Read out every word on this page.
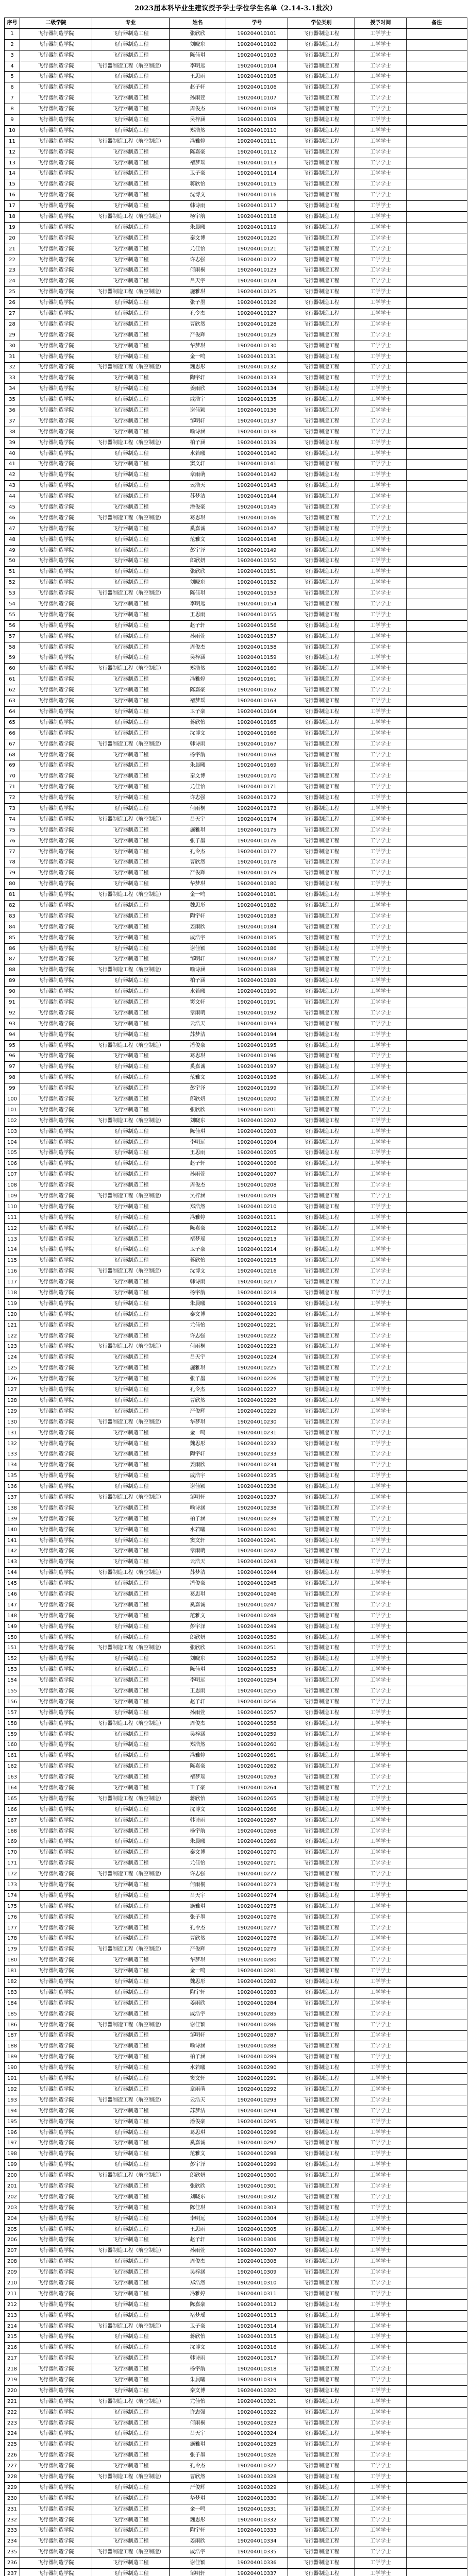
2023届本科毕业生建议授予学士学位学生名单（2.14-3.1批次）
序号	二级学院	专业	姓名	学号	学位类别	授予时间	备注
1	飞行器制造学院	飞行器制造工程	张欣欣	190204010101	飞行器制造工程	工学学士	
2	飞行器制造学院	飞行器制造工程	刘晓东	190204010102	飞行器制造工程	工学学士	
3	飞行器制造学院	飞行器制造工程	陈佳琪	190204010103	飞行器制造工程	工学学士	
4	飞行器制造学院	飞行器制造工程（航空制造）	李明远	190204010104	飞行器制造工程	工学学士	
5	飞行器制造学院	飞行器制造工程	王思雨	190204010105	飞行器制造工程	工学学士	
6	飞行器制造学院	飞行器制造工程	赵子轩	190204010106	飞行器制造工程	工学学士	
7	飞行器制造学院	飞行器制造工程	孙雨萱	190204010107	飞行器制造工程	工学学士	
8	飞行器制造学院	飞行器制造工程	周俊杰	190204010108	飞行器制造工程	工学学士	
9	飞行器制造学院	飞行器制造工程	吴梓涵	190204010109	飞行器制造工程	工学学士	
10	飞行器制造学院	飞行器制造工程	郑浩然	190204010110	飞行器制造工程	工学学士	
11	飞行器制造学院	飞行器制造工程（航空制造）	冯雅婷	190204010111	飞行器制造工程	工学学士	
12	飞行器制造学院	飞行器制造工程	陈嘉豪	190204010112	飞行器制造工程	工学学士	
13	飞行器制造学院	飞行器制造工程	褚梦瑶	190204010113	飞行器制造工程	工学学士	
14	飞行器制造学院	飞行器制造工程	卫子豪	190204010114	飞行器制造工程	工学学士	
15	飞行器制造学院	飞行器制造工程	蒋欣怡	190204010115	飞行器制造工程	工学学士	
16	飞行器制造学院	飞行器制造工程	沈博文	190204010116	飞行器制造工程	工学学士	
17	飞行器制造学院	飞行器制造工程	韩诗雨	190204010117	飞行器制造工程	工学学士	
18	飞行器制造学院	飞行器制造工程（航空制造）	杨宇航	190204010118	飞行器制造工程	工学学士	
19	飞行器制造学院	飞行器制造工程	朱晨曦	190204010119	飞行器制造工程	工学学士	
20	飞行器制造学院	飞行器制造工程	秦文博	190204010120	飞行器制造工程	工学学士	
21	飞行器制造学院	飞行器制造工程	尤佳怡	190204010121	飞行器制造工程	工学学士	
22	飞行器制造学院	飞行器制造工程	许志强	190204010122	飞行器制造工程	工学学士	
23	飞行器制造学院	飞行器制造工程	何雨桐	190204010123	飞行器制造工程	工学学士	
24	飞行器制造学院	飞行器制造工程	吕天宇	190204010124	飞行器制造工程	工学学士	
25	飞行器制造学院	飞行器制造工程（航空制造）	施雅琪	190204010125	飞行器制造工程	工学学士	
26	飞行器制造学院	飞行器制造工程	张子墨	190204010126	飞行器制造工程	工学学士	
27	飞行器制造学院	飞行器制造工程	孔令杰	190204010127	飞行器制造工程	工学学士	
28	飞行器制造学院	飞行器制造工程	曹欣然	190204010128	飞行器制造工程	工学学士	
29	飞行器制造学院	飞行器制造工程	严俊辉	190204010129	飞行器制造工程	工学学士	
30	飞行器制造学院	飞行器制造工程	华梦琪	190204010130	飞行器制造工程	工学学士	
31	飞行器制造学院	飞行器制造工程	金一鸣	190204010131	飞行器制造工程	工学学士	
32	飞行器制造学院	飞行器制造工程（航空制造）	魏思彤	190204010132	飞行器制造工程	工学学士	
33	飞行器制造学院	飞行器制造工程	陶宇轩	190204010133	飞行器制造工程	工学学士	
34	飞行器制造学院	飞行器制造工程	姜雨欣	190204010134	飞行器制造工程	工学学士	
35	飞行器制造学院	飞行器制造工程	戚浩宇	190204010135	飞行器制造工程	工学学士	
36	飞行器制造学院	飞行器制造工程	谢佳颖	190204010136	飞行器制造工程	工学学士	
37	飞行器制造学院	飞行器制造工程	邹明轩	190204010137	飞行器制造工程	工学学士	
38	飞行器制造学院	飞行器制造工程	喻诗涵	190204010138	飞行器制造工程	工学学士	
39	飞行器制造学院	飞行器制造工程（航空制造）	柏子涵	190204010139	飞行器制造工程	工学学士	
40	飞行器制造学院	飞行器制造工程	水若曦	190204010140	飞行器制造工程	工学学士	
41	飞行器制造学院	飞行器制造工程	窦文轩	190204010141	飞行器制造工程	工学学士	
42	飞行器制造学院	飞行器制造工程	章雨萌	190204010142	飞行器制造工程	工学学士	
43	飞行器制造学院	飞行器制造工程	云浩天	190204010143	飞行器制造工程	工学学士	
44	飞行器制造学院	飞行器制造工程	苏梦洁	190204010144	飞行器制造工程	工学学士	
45	飞行器制造学院	飞行器制造工程	潘俊豪	190204010145	飞行器制造工程	工学学士	
46	飞行器制造学院	飞行器制造工程（航空制造）	葛思琪	190204010146	飞行器制造工程	工学学士	
47	飞行器制造学院	飞行器制造工程	奚嘉诚	190204010147	飞行器制造工程	工学学士	
48	飞行器制造学院	飞行器制造工程	范雅文	190204010148	飞行器制造工程	工学学士	
49	飞行器制造学院	飞行器制造工程	彭宇泽	190204010149	飞行器制造工程	工学学士	
50	飞行器制造学院	飞行器制造工程	郎欣妍	190204010150	飞行器制造工程	工学学士	
51	飞行器制造学院	飞行器制造工程	张欣欣	190204010151	飞行器制造工程	工学学士	
52	飞行器制造学院	飞行器制造工程	刘晓东	190204010152	飞行器制造工程	工学学士	
53	飞行器制造学院	飞行器制造工程（航空制造）	陈佳琪	190204010153	飞行器制造工程	工学学士	
54	飞行器制造学院	飞行器制造工程	李明远	190204010154	飞行器制造工程	工学学士	
55	飞行器制造学院	飞行器制造工程	王思雨	190204010155	飞行器制造工程	工学学士	
56	飞行器制造学院	飞行器制造工程	赵子轩	190204010156	飞行器制造工程	工学学士	
57	飞行器制造学院	飞行器制造工程	孙雨萱	190204010157	飞行器制造工程	工学学士	
58	飞行器制造学院	飞行器制造工程	周俊杰	190204010158	飞行器制造工程	工学学士	
59	飞行器制造学院	飞行器制造工程	吴梓涵	190204010159	飞行器制造工程	工学学士	
60	飞行器制造学院	飞行器制造工程（航空制造）	郑浩然	190204010160	飞行器制造工程	工学学士	
61	飞行器制造学院	飞行器制造工程	冯雅婷	190204010161	飞行器制造工程	工学学士	
62	飞行器制造学院	飞行器制造工程	陈嘉豪	190204010162	飞行器制造工程	工学学士	
63	飞行器制造学院	飞行器制造工程	褚梦瑶	190204010163	飞行器制造工程	工学学士	
64	飞行器制造学院	飞行器制造工程	卫子豪	190204010164	飞行器制造工程	工学学士	
65	飞行器制造学院	飞行器制造工程	蒋欣怡	190204010165	飞行器制造工程	工学学士	
66	飞行器制造学院	飞行器制造工程	沈博文	190204010166	飞行器制造工程	工学学士	
67	飞行器制造学院	飞行器制造工程（航空制造）	韩诗雨	190204010167	飞行器制造工程	工学学士	
68	飞行器制造学院	飞行器制造工程	杨宇航	190204010168	飞行器制造工程	工学学士	
69	飞行器制造学院	飞行器制造工程	朱晨曦	190204010169	飞行器制造工程	工学学士	
70	飞行器制造学院	飞行器制造工程	秦文博	190204010170	飞行器制造工程	工学学士	
71	飞行器制造学院	飞行器制造工程	尤佳怡	190204010171	飞行器制造工程	工学学士	
72	飞行器制造学院	飞行器制造工程	许志强	190204010172	飞行器制造工程	工学学士	
73	飞行器制造学院	飞行器制造工程	何雨桐	190204010173	飞行器制造工程	工学学士	
74	飞行器制造学院	飞行器制造工程（航空制造）	吕天宇	190204010174	飞行器制造工程	工学学士	
75	飞行器制造学院	飞行器制造工程	施雅琪	190204010175	飞行器制造工程	工学学士	
76	飞行器制造学院	飞行器制造工程	张子墨	190204010176	飞行器制造工程	工学学士	
77	飞行器制造学院	飞行器制造工程	孔令杰	190204010177	飞行器制造工程	工学学士	
78	飞行器制造学院	飞行器制造工程	曹欣然	190204010178	飞行器制造工程	工学学士	
79	飞行器制造学院	飞行器制造工程	严俊辉	190204010179	飞行器制造工程	工学学士	
80	飞行器制造学院	飞行器制造工程	华梦琪	190204010180	飞行器制造工程	工学学士	
81	飞行器制造学院	飞行器制造工程（航空制造）	金一鸣	190204010181	飞行器制造工程	工学学士	
82	飞行器制造学院	飞行器制造工程	魏思彤	190204010182	飞行器制造工程	工学学士	
83	飞行器制造学院	飞行器制造工程	陶宇轩	190204010183	飞行器制造工程	工学学士	
84	飞行器制造学院	飞行器制造工程	姜雨欣	190204010184	飞行器制造工程	工学学士	
85	飞行器制造学院	飞行器制造工程	戚浩宇	190204010185	飞行器制造工程	工学学士	
86	飞行器制造学院	飞行器制造工程	谢佳颖	190204010186	飞行器制造工程	工学学士	
87	飞行器制造学院	飞行器制造工程	邹明轩	190204010187	飞行器制造工程	工学学士	
88	飞行器制造学院	飞行器制造工程（航空制造）	喻诗涵	190204010188	飞行器制造工程	工学学士	
89	飞行器制造学院	飞行器制造工程	柏子涵	190204010189	飞行器制造工程	工学学士	
90	飞行器制造学院	飞行器制造工程	水若曦	190204010190	飞行器制造工程	工学学士	
91	飞行器制造学院	飞行器制造工程	窦文轩	190204010191	飞行器制造工程	工学学士	
92	飞行器制造学院	飞行器制造工程	章雨萌	190204010192	飞行器制造工程	工学学士	
93	飞行器制造学院	飞行器制造工程	云浩天	190204010193	飞行器制造工程	工学学士	
94	飞行器制造学院	飞行器制造工程	苏梦洁	190204010194	飞行器制造工程	工学学士	
95	飞行器制造学院	飞行器制造工程（航空制造）	潘俊豪	190204010195	飞行器制造工程	工学学士	
96	飞行器制造学院	飞行器制造工程	葛思琪	190204010196	飞行器制造工程	工学学士	
97	飞行器制造学院	飞行器制造工程	奚嘉诚	190204010197	飞行器制造工程	工学学士	
98	飞行器制造学院	飞行器制造工程	范雅文	190204010198	飞行器制造工程	工学学士	
99	飞行器制造学院	飞行器制造工程	彭宇泽	190204010199	飞行器制造工程	工学学士	
100	飞行器制造学院	飞行器制造工程	郎欣妍	190204010200	飞行器制造工程	工学学士	
101	飞行器制造学院	飞行器制造工程	张欣欣	190204010201	飞行器制造工程	工学学士	
102	飞行器制造学院	飞行器制造工程（航空制造）	刘晓东	190204010202	飞行器制造工程	工学学士	
103	飞行器制造学院	飞行器制造工程	陈佳琪	190204010203	飞行器制造工程	工学学士	
104	飞行器制造学院	飞行器制造工程	李明远	190204010204	飞行器制造工程	工学学士	
105	飞行器制造学院	飞行器制造工程	王思雨	190204010205	飞行器制造工程	工学学士	
106	飞行器制造学院	飞行器制造工程	赵子轩	190204010206	飞行器制造工程	工学学士	
107	飞行器制造学院	飞行器制造工程	孙雨萱	190204010207	飞行器制造工程	工学学士	
108	飞行器制造学院	飞行器制造工程	周俊杰	190204010208	飞行器制造工程	工学学士	
109	飞行器制造学院	飞行器制造工程（航空制造）	吴梓涵	190204010209	飞行器制造工程	工学学士	
110	飞行器制造学院	飞行器制造工程	郑浩然	190204010210	飞行器制造工程	工学学士	
111	飞行器制造学院	飞行器制造工程	冯雅婷	190204010211	飞行器制造工程	工学学士	
112	飞行器制造学院	飞行器制造工程	陈嘉豪	190204010212	飞行器制造工程	工学学士	
113	飞行器制造学院	飞行器制造工程	褚梦瑶	190204010213	飞行器制造工程	工学学士	
114	飞行器制造学院	飞行器制造工程	卫子豪	190204010214	飞行器制造工程	工学学士	
115	飞行器制造学院	飞行器制造工程	蒋欣怡	190204010215	飞行器制造工程	工学学士	
116	飞行器制造学院	飞行器制造工程（航空制造）	沈博文	190204010216	飞行器制造工程	工学学士	
117	飞行器制造学院	飞行器制造工程	韩诗雨	190204010217	飞行器制造工程	工学学士	
118	飞行器制造学院	飞行器制造工程	杨宇航	190204010218	飞行器制造工程	工学学士	
119	飞行器制造学院	飞行器制造工程	朱晨曦	190204010219	飞行器制造工程	工学学士	
120	飞行器制造学院	飞行器制造工程	秦文博	190204010220	飞行器制造工程	工学学士	
121	飞行器制造学院	飞行器制造工程	尤佳怡	190204010221	飞行器制造工程	工学学士	
122	飞行器制造学院	飞行器制造工程	许志强	190204010222	飞行器制造工程	工学学士	
123	飞行器制造学院	飞行器制造工程（航空制造）	何雨桐	190204010223	飞行器制造工程	工学学士	
124	飞行器制造学院	飞行器制造工程	吕天宇	190204010224	飞行器制造工程	工学学士	
125	飞行器制造学院	飞行器制造工程	施雅琪	190204010225	飞行器制造工程	工学学士	
126	飞行器制造学院	飞行器制造工程	张子墨	190204010226	飞行器制造工程	工学学士	
127	飞行器制造学院	飞行器制造工程	孔令杰	190204010227	飞行器制造工程	工学学士	
128	飞行器制造学院	飞行器制造工程	曹欣然	190204010228	飞行器制造工程	工学学士	
129	飞行器制造学院	飞行器制造工程	严俊辉	190204010229	飞行器制造工程	工学学士	
130	飞行器制造学院	飞行器制造工程（航空制造）	华梦琪	190204010230	飞行器制造工程	工学学士	
131	飞行器制造学院	飞行器制造工程	金一鸣	190204010231	飞行器制造工程	工学学士	
132	飞行器制造学院	飞行器制造工程	魏思彤	190204010232	飞行器制造工程	工学学士	
133	飞行器制造学院	飞行器制造工程	陶宇轩	190204010233	飞行器制造工程	工学学士	
134	飞行器制造学院	飞行器制造工程	姜雨欣	190204010234	飞行器制造工程	工学学士	
135	飞行器制造学院	飞行器制造工程	戚浩宇	190204010235	飞行器制造工程	工学学士	
136	飞行器制造学院	飞行器制造工程	谢佳颖	190204010236	飞行器制造工程	工学学士	
137	飞行器制造学院	飞行器制造工程（航空制造）	邹明轩	190204010237	飞行器制造工程	工学学士	
138	飞行器制造学院	飞行器制造工程	喻诗涵	190204010238	飞行器制造工程	工学学士	
139	飞行器制造学院	飞行器制造工程	柏子涵	190204010239	飞行器制造工程	工学学士	
140	飞行器制造学院	飞行器制造工程	水若曦	190204010240	飞行器制造工程	工学学士	
141	飞行器制造学院	飞行器制造工程	窦文轩	190204010241	飞行器制造工程	工学学士	
142	飞行器制造学院	飞行器制造工程	章雨萌	190204010242	飞行器制造工程	工学学士	
143	飞行器制造学院	飞行器制造工程	云浩天	190204010243	飞行器制造工程	工学学士	
144	飞行器制造学院	飞行器制造工程（航空制造）	苏梦洁	190204010244	飞行器制造工程	工学学士	
145	飞行器制造学院	飞行器制造工程	潘俊豪	190204010245	飞行器制造工程	工学学士	
146	飞行器制造学院	飞行器制造工程	葛思琪	190204010246	飞行器制造工程	工学学士	
147	飞行器制造学院	飞行器制造工程	奚嘉诚	190204010247	飞行器制造工程	工学学士	
148	飞行器制造学院	飞行器制造工程	范雅文	190204010248	飞行器制造工程	工学学士	
149	飞行器制造学院	飞行器制造工程	彭宇泽	190204010249	飞行器制造工程	工学学士	
150	飞行器制造学院	飞行器制造工程	郎欣妍	190204010250	飞行器制造工程	工学学士	
151	飞行器制造学院	飞行器制造工程（航空制造）	张欣欣	190204010251	飞行器制造工程	工学学士	
152	飞行器制造学院	飞行器制造工程	刘晓东	190204010252	飞行器制造工程	工学学士	
153	飞行器制造学院	飞行器制造工程	陈佳琪	190204010253	飞行器制造工程	工学学士	
154	飞行器制造学院	飞行器制造工程	李明远	190204010254	飞行器制造工程	工学学士	
155	飞行器制造学院	飞行器制造工程	王思雨	190204010255	飞行器制造工程	工学学士	
156	飞行器制造学院	飞行器制造工程	赵子轩	190204010256	飞行器制造工程	工学学士	
157	飞行器制造学院	飞行器制造工程	孙雨萱	190204010257	飞行器制造工程	工学学士	
158	飞行器制造学院	飞行器制造工程（航空制造）	周俊杰	190204010258	飞行器制造工程	工学学士	
159	飞行器制造学院	飞行器制造工程	吴梓涵	190204010259	飞行器制造工程	工学学士	
160	飞行器制造学院	飞行器制造工程	郑浩然	190204010260	飞行器制造工程	工学学士	
161	飞行器制造学院	飞行器制造工程	冯雅婷	190204010261	飞行器制造工程	工学学士	
162	飞行器制造学院	飞行器制造工程	陈嘉豪	190204010262	飞行器制造工程	工学学士	
163	飞行器制造学院	飞行器制造工程	褚梦瑶	190204010263	飞行器制造工程	工学学士	
164	飞行器制造学院	飞行器制造工程	卫子豪	190204010264	飞行器制造工程	工学学士	
165	飞行器制造学院	飞行器制造工程（航空制造）	蒋欣怡	190204010265	飞行器制造工程	工学学士	
166	飞行器制造学院	飞行器制造工程	沈博文	190204010266	飞行器制造工程	工学学士	
167	飞行器制造学院	飞行器制造工程	韩诗雨	190204010267	飞行器制造工程	工学学士	
168	飞行器制造学院	飞行器制造工程	杨宇航	190204010268	飞行器制造工程	工学学士	
169	飞行器制造学院	飞行器制造工程	朱晨曦	190204010269	飞行器制造工程	工学学士	
170	飞行器制造学院	飞行器制造工程	秦文博	190204010270	飞行器制造工程	工学学士	
171	飞行器制造学院	飞行器制造工程	尤佳怡	190204010271	飞行器制造工程	工学学士	
172	飞行器制造学院	飞行器制造工程（航空制造）	许志强	190204010272	飞行器制造工程	工学学士	
173	飞行器制造学院	飞行器制造工程	何雨桐	190204010273	飞行器制造工程	工学学士	
174	飞行器制造学院	飞行器制造工程	吕天宇	190204010274	飞行器制造工程	工学学士	
175	飞行器制造学院	飞行器制造工程	施雅琪	190204010275	飞行器制造工程	工学学士	
176	飞行器制造学院	飞行器制造工程	张子墨	190204010276	飞行器制造工程	工学学士	
177	飞行器制造学院	飞行器制造工程	孔令杰	190204010277	飞行器制造工程	工学学士	
178	飞行器制造学院	飞行器制造工程	曹欣然	190204010278	飞行器制造工程	工学学士	
179	飞行器制造学院	飞行器制造工程（航空制造）	严俊辉	190204010279	飞行器制造工程	工学学士	
180	飞行器制造学院	飞行器制造工程	华梦琪	190204010280	飞行器制造工程	工学学士	
181	飞行器制造学院	飞行器制造工程	金一鸣	190204010281	飞行器制造工程	工学学士	
182	飞行器制造学院	飞行器制造工程	魏思彤	190204010282	飞行器制造工程	工学学士	
183	飞行器制造学院	飞行器制造工程	陶宇轩	190204010283	飞行器制造工程	工学学士	
184	飞行器制造学院	飞行器制造工程	姜雨欣	190204010284	飞行器制造工程	工学学士	
185	飞行器制造学院	飞行器制造工程	戚浩宇	190204010285	飞行器制造工程	工学学士	
186	飞行器制造学院	飞行器制造工程（航空制造）	谢佳颖	190204010286	飞行器制造工程	工学学士	
187	飞行器制造学院	飞行器制造工程	邹明轩	190204010287	飞行器制造工程	工学学士	
188	飞行器制造学院	飞行器制造工程	喻诗涵	190204010288	飞行器制造工程	工学学士	
189	飞行器制造学院	飞行器制造工程	柏子涵	190204010289	飞行器制造工程	工学学士	
190	飞行器制造学院	飞行器制造工程	水若曦	190204010290	飞行器制造工程	工学学士	
191	飞行器制造学院	飞行器制造工程	窦文轩	190204010291	飞行器制造工程	工学学士	
192	飞行器制造学院	飞行器制造工程	章雨萌	190204010292	飞行器制造工程	工学学士	
193	飞行器制造学院	飞行器制造工程（航空制造）	云浩天	190204010293	飞行器制造工程	工学学士	
194	飞行器制造学院	飞行器制造工程	苏梦洁	190204010294	飞行器制造工程	工学学士	
195	飞行器制造学院	飞行器制造工程	潘俊豪	190204010295	飞行器制造工程	工学学士	
196	飞行器制造学院	飞行器制造工程	葛思琪	190204010296	飞行器制造工程	工学学士	
197	飞行器制造学院	飞行器制造工程	奚嘉诚	190204010297	飞行器制造工程	工学学士	
198	飞行器制造学院	飞行器制造工程	范雅文	190204010298	飞行器制造工程	工学学士	
199	飞行器制造学院	飞行器制造工程	彭宇泽	190204010299	飞行器制造工程	工学学士	
200	飞行器制造学院	飞行器制造工程（航空制造）	郎欣妍	190204010300	飞行器制造工程	工学学士	
201	飞行器制造学院	飞行器制造工程	张欣欣	190204010301	飞行器制造工程	工学学士	
202	飞行器制造学院	飞行器制造工程	刘晓东	190204010302	飞行器制造工程	工学学士	
203	飞行器制造学院	飞行器制造工程	陈佳琪	190204010303	飞行器制造工程	工学学士	
204	飞行器制造学院	飞行器制造工程	李明远	190204010304	飞行器制造工程	工学学士	
205	飞行器制造学院	飞行器制造工程	王思雨	190204010305	飞行器制造工程	工学学士	
206	飞行器制造学院	飞行器制造工程	赵子轩	190204010306	飞行器制造工程	工学学士	
207	飞行器制造学院	飞行器制造工程（航空制造）	孙雨萱	190204010307	飞行器制造工程	工学学士	
208	飞行器制造学院	飞行器制造工程	周俊杰	190204010308	飞行器制造工程	工学学士	
209	飞行器制造学院	飞行器制造工程	吴梓涵	190204010309	飞行器制造工程	工学学士	
210	飞行器制造学院	飞行器制造工程	郑浩然	190204010310	飞行器制造工程	工学学士	
211	飞行器制造学院	飞行器制造工程	冯雅婷	190204010311	飞行器制造工程	工学学士	
212	飞行器制造学院	飞行器制造工程	陈嘉豪	190204010312	飞行器制造工程	工学学士	
213	飞行器制造学院	飞行器制造工程	褚梦瑶	190204010313	飞行器制造工程	工学学士	
214	飞行器制造学院	飞行器制造工程（航空制造）	卫子豪	190204010314	飞行器制造工程	工学学士	
215	飞行器制造学院	飞行器制造工程	蒋欣怡	190204010315	飞行器制造工程	工学学士	
216	飞行器制造学院	飞行器制造工程	沈博文	190204010316	飞行器制造工程	工学学士	
217	飞行器制造学院	飞行器制造工程	韩诗雨	190204010317	飞行器制造工程	工学学士	
218	飞行器制造学院	飞行器制造工程	杨宇航	190204010318	飞行器制造工程	工学学士	
219	飞行器制造学院	飞行器制造工程	朱晨曦	190204010319	飞行器制造工程	工学学士	
220	飞行器制造学院	飞行器制造工程	秦文博	190204010320	飞行器制造工程	工学学士	
221	飞行器制造学院	飞行器制造工程（航空制造）	尤佳怡	190204010321	飞行器制造工程	工学学士	
222	飞行器制造学院	飞行器制造工程	许志强	190204010322	飞行器制造工程	工学学士	
223	飞行器制造学院	飞行器制造工程	何雨桐	190204010323	飞行器制造工程	工学学士	
224	飞行器制造学院	飞行器制造工程	吕天宇	190204010324	飞行器制造工程	工学学士	
225	飞行器制造学院	飞行器制造工程	施雅琪	190204010325	飞行器制造工程	工学学士	
226	飞行器制造学院	飞行器制造工程	张子墨	190204010326	飞行器制造工程	工学学士	
227	飞行器制造学院	飞行器制造工程	孔令杰	190204010327	飞行器制造工程	工学学士	
228	飞行器制造学院	飞行器制造工程（航空制造）	曹欣然	190204010328	飞行器制造工程	工学学士	
229	飞行器制造学院	飞行器制造工程	严俊辉	190204010329	飞行器制造工程	工学学士	
230	飞行器制造学院	飞行器制造工程	华梦琪	190204010330	飞行器制造工程	工学学士	
231	飞行器制造学院	飞行器制造工程	金一鸣	190204010331	飞行器制造工程	工学学士	
232	飞行器制造学院	飞行器制造工程	魏思彤	190204010332	飞行器制造工程	工学学士	
233	飞行器制造学院	飞行器制造工程	陶宇轩	190204010333	飞行器制造工程	工学学士	
234	飞行器制造学院	飞行器制造工程	姜雨欣	190204010334	飞行器制造工程	工学学士	
235	飞行器制造学院	飞行器制造工程（航空制造）	戚浩宇	190204010335	飞行器制造工程	工学学士	
236	飞行器制造学院	飞行器制造工程	谢佳颖	190204010336	飞行器制造工程	工学学士	
237	飞行器制造学院	飞行器制造工程	邹明轩	190204010337	飞行器制造工程	工学学士	
